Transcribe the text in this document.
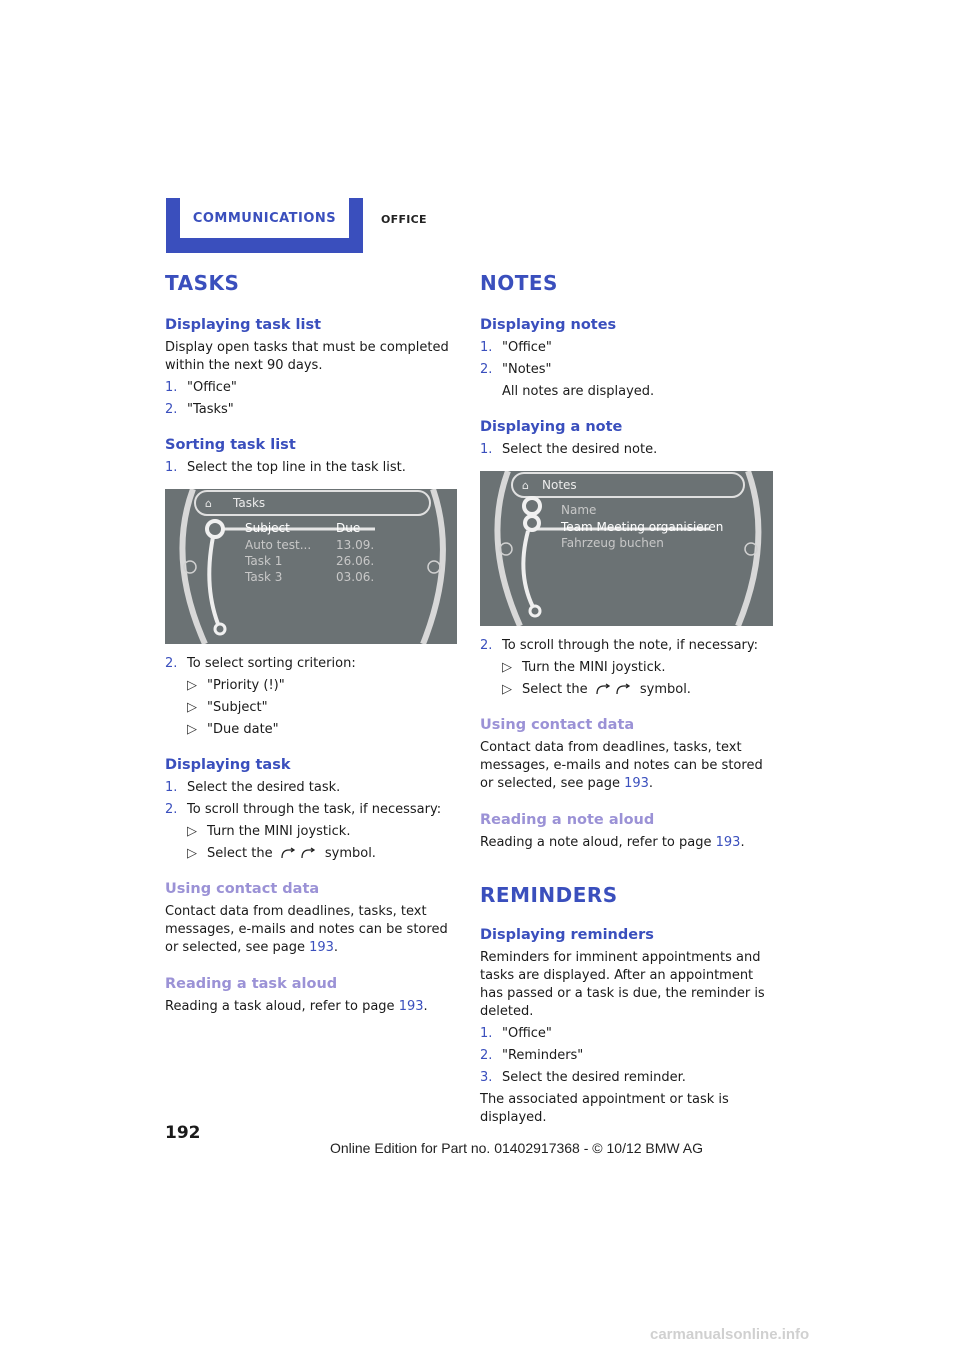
COMMUNICATIONS	OFFICE
TASKS
Displaying task list

Display open tasks that must be completed within the next 90 days.

1. "Office"
2. "Tasks"
Sorting task list
1. Select the top line in the task list.
⌂ Tasks
Subject	Due
Auto test... 13.09.
Task 1	26.06.
Task 3	03.06.
2. To select sorting criterion:
▷ "Priority (!)"
▷ "Subject"
▷ "Due date"
Displaying task
1. Select the desired task.
2. To scroll through the task, if necessary:
▷ Turn the MINI joystick.
▷ Select the	symbol.
Using contact data

Contact data from deadlines, tasks, text messages, e-mails and notes can be stored or selected, see page 193.

Reading a task aloud

Reading a task aloud, refer to page 193.

NOTES
Displaying notes
1. "Office"
2. "Notes"

All notes are displayed.

Displaying a note
1. Select the desired note.
⌂ Notes
Name
Team Meeting organisieren
Fahrzeug buchen
2. To scroll through the note, if necessary:
▷ Turn the MINI joystick.
▷ Select the	symbol.
Using contact data

Contact data from deadlines, tasks, text messages, e-mails and notes can be stored or selected, see page 193.

Reading a note aloud

Reading a note aloud, refer to page 193.

REMINDERS
Displaying reminders

Reminders for imminent appointments and tasks are displayed. After an appointment has passed or a task is due, the reminder is deleted.

1. "Office"
2. "Reminders"
3. Select the desired reminder.

The associated appointment or task is displayed.

192
Online Edition for Part no. 01402917368 - © 10/12 BMW AG
carmanualsonline.info
